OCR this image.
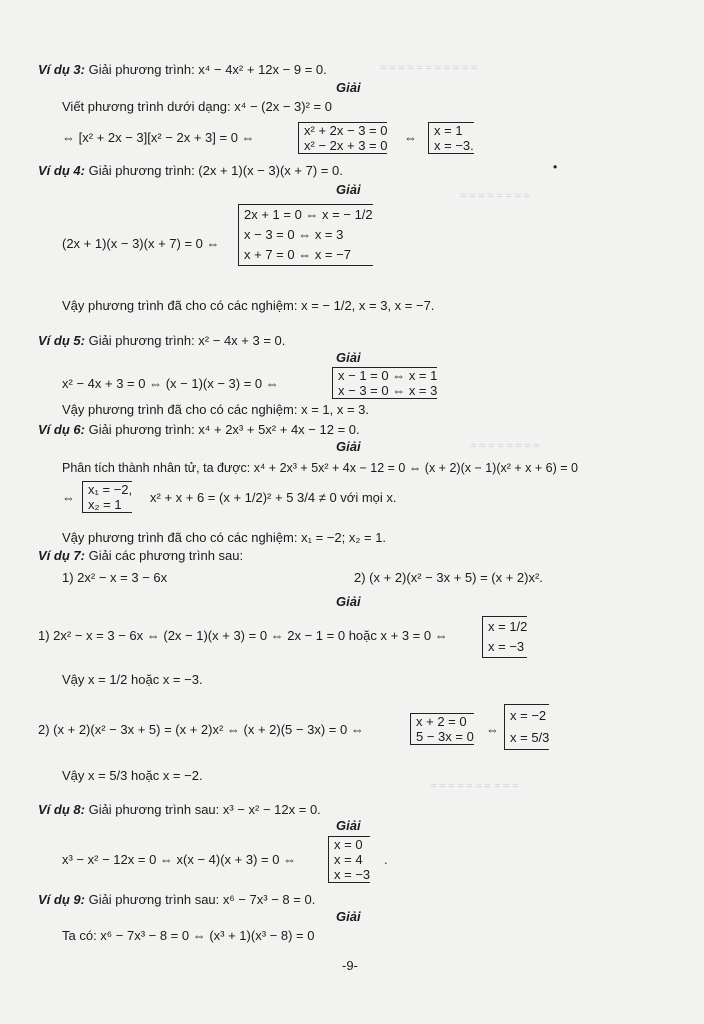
≈ ≈ ≈ ≈ ≈ ≈ ≈ ≈ ≈ ≈ ≈
≈ ≈ ≈ ≈ ≈ ≈ ≈ ≈
≈ ≈ ≈ ≈ ≈ ≈ ≈ ≈
≈ ≈ ≈ ≈ ≈ ≈ ≈ ≈ ≈ ≈
Ví dụ 3: Giải phương trình: x⁴ − 4x² + 12x − 9 = 0.
Giải
Viết phương trình dưới dạng: x⁴ − (2x − 3)² = 0
⇔ [x² + 2x − 3][x² − 2x + 3] = 0 ⇔	x² + 2x − 3 = 0
x² − 2x + 3 = 0
⇔ x = 1
x = −3.
•
Ví dụ 4: Giải phương trình: (2x + 1)(x − 3)(x + 7) = 0.
Giải
(2x + 1)(x − 3)(x + 7) = 0 ⇔
2x + 1 = 0 ⇔ x = − 1/2
x − 3 = 0 ⇔ x = 3
x + 7 = 0 ⇔ x = −7
Vậy phương trình đã cho có các nghiệm: x = − 1/2, x = 3, x = −7.
Ví dụ 5: Giải phương trình: x² − 4x + 3 = 0.
Giải
x² − 4x + 3 = 0 ⇔ (x − 1)(x − 3) = 0 ⇔
x − 1 = 0 ⇔ x = 1
x − 3 = 0 ⇔ x = 3
Vậy phương trình đã cho có các nghiệm: x = 1, x = 3.
Ví dụ 6: Giải phương trình: x⁴ + 2x³ + 5x² + 4x − 12 = 0.
Giải
Phân tích thành nhân tử, ta được: x⁴ + 2x³ + 5x² + 4x − 12 = 0 ⇔ (x + 2)(x − 1)(x² + x + 6) = 0
⇔
x₁ = −2,
x₂ = 1	x² + x + 6 = (x + 1/2)² + 5 3/4 ≠ 0 với mọi x.
Vậy phương trình đã cho có các nghiệm: x₁ = −2; x₂ = 1.
Ví dụ 7: Giải các phương trình sau:
1) 2x² − x = 3 − 6x	2) (x + 2)(x² − 3x + 5) = (x + 2)x².
Giải
1) 2x² − x = 3 − 6x ⇔ (2x − 1)(x + 3) = 0 ⇔ 2x − 1 = 0 hoặc x + 3 = 0 ⇔
x = 1/2
x = −3
Vậy x = 1/2 hoặc x = −3.
2) (x + 2)(x² − 3x + 5) = (x + 2)x² ⇔ (x + 2)(5 − 3x) = 0 ⇔
x + 2 = 0
5 − 3x = 0 ⇔
x = −2
x = 5/3
Vậy x = 5/3 hoặc x = −2.
Ví dụ 8: Giải phương trình sau: x³ − x² − 12x = 0.
Giải
x³ − x² − 12x = 0 ⇔ x(x − 4)(x + 3) = 0 ⇔
x = 0
x = 4
x = −3
.
Ví dụ 9: Giải phương trình sau: x⁶ − 7x³ − 8 = 0.
Giải
Ta có: x⁶ − 7x³ − 8 = 0 ⇔ (x³ + 1)(x³ − 8) = 0
-9-
